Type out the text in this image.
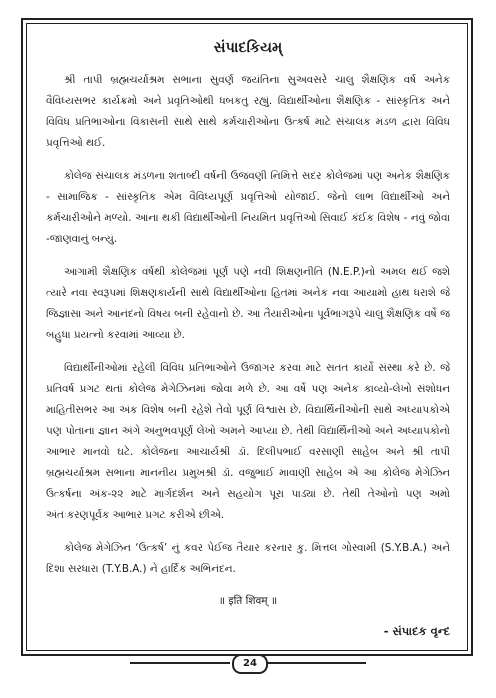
સંપાદકિયમ્

શ્રી તાપી બ્રહ્મચર્યાશ્રમ સભાના સુવર્ણ જયંતિના સુઅવસરે ચાલુ શૈક્ષણિક વર્ષ અનેક વૈવિધ્યસભર કાર્યક્રમો અને પ્રવૃતિઓથી ધબકતુ રહ્યું. વિદ્યાર્થીઓના શૈક્ષણિક - સાંસ્કૃતિક અને વિવિધ પ્રતિભાઓના વિકાસની સાથે સાથે કર્મચારીઓના ઉત્કર્ષ માટે સંચાલક મંડળ દ્વારા વિવિધ પ્રવૃત્તિઓ થઈ.

કોલેજ સંચાલક મંડળના શતાબ્દી વર્ષની ઉજવણી નિમિત્તે સદર કોલેજમાં પણ અનેક શૈક્ષણિક - સામાજિક - સાંસ્કૃતિક એમ વૈવિધ્યપૂર્ણ પ્રવૃત્તિઓ યોજાઈ. જેનો લાભ વિદ્યાર્થીઓ અને કર્મચારીઓને મળ્યો. આના થકી વિદ્યાર્થીઓની નિયમિત પ્રવૃત્તિઓ સિવાઈ કંઈક વિશેષ - નવું જોવા -જાણવાનું બન્યું.

આગામી શૈક્ષણિક વર્ષથી કોલેજમાં પૂર્ણ પણે નવી શિક્ષણનીતિ (N.E.P.)નો અમલ થઈ જશે ત્યારે નવા સ્વરૂપમાં શિક્ષણકાર્યની સાથે વિદ્યાર્થીઓના હિતમાં અનેક નવા આયામો હાથ ધરાશે જે જિજ્ઞાસા અને આનંદનો વિષય બની રહેવાનો છે. આ તૈયારીઓના પૂર્વભાગરૂપે ચાલુ શૈક્ષણિક વર્ષે જ બહુધા પ્રયત્નો કરવામાં આવ્યા છે.

વિદ્યાર્થીનીઓમાં રહેલી વિવિધ પ્રતિભાઓને ઉજાગર કરવા માટે સતત કાર્યો સંસ્થા કરે છે. જે પ્રતિવર્ષ પ્રગટ થતાં કોલેજ મેગેઝિનમાં જોવા મળે છે. આ વર્ષે પણ અનેક કાવ્યો-લેખો સંશોધન માહિતીસભર આ અંક વિશેષ બની રહેશે તેવો પૂર્ણ વિશ્વાસ છે. વિદ્યાર્થિનીઓની સાથે અધ્યાપકોએ પણ પોતાના જ્ઞાન અંગે અનુભવપૂર્ણ લેખો અમને આપ્યા છે. તેથી વિદ્યાર્થિનીઓ અને અધ્યાપકોનો આભાર માનવો ઘટે. કોલેજના આચાર્યશ્રી ડૉ. દિલીપભાઈ વરસાણી સાહેબ અને શ્રી તાપી બ્રહ્મચર્યાશ્રમ સભાના માનનીય પ્રમુખશ્રી ડૉ. વજુભાઈ માવાણી સાહેબ એ આ કોલેજ મેગેઝિન ઉત્કર્ષના અંક-૨૨ માટે માર્ગદર્શન અને સહયોગ પૂરા પાડ્યાં છે. તેથી તેઓનો પણ અમો અંતઃકરણપૂર્વક આભાર પ્રગટ કરીએ છીએ.

કોલેજ મેગેઝિન ‘ઉત્કર્ષ’ નું કવર પેઈજ તૈયાર કરનાર કુ. મિત્તલ ગોસ્વામી (S.Y.B.A.) અને દિશા સરધારા (T.Y.B.A.) ને હાર્દિક અભિનંદન.

॥ इति शिवम् ॥
- સંપાદક વૃન્દ
24
